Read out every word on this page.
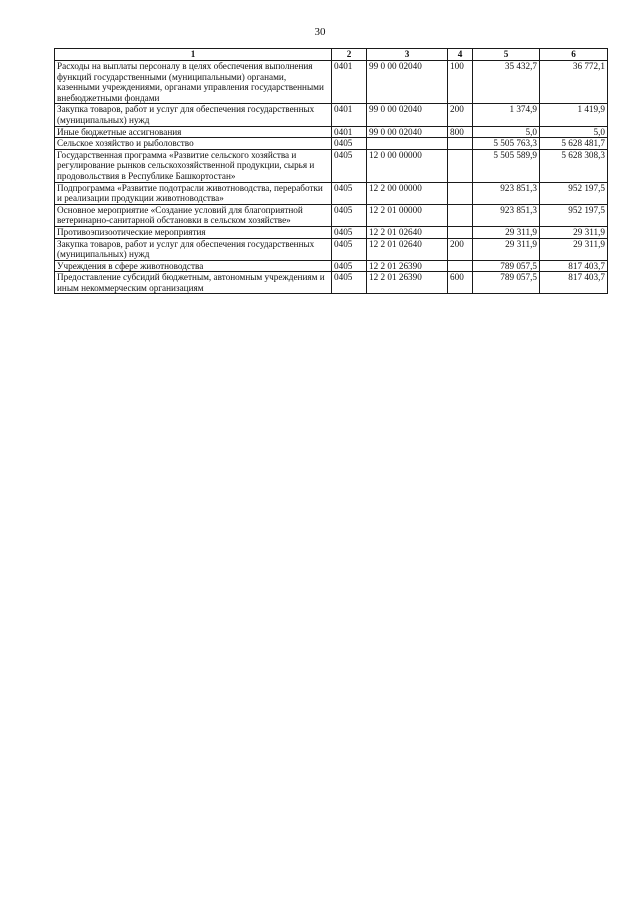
30
1	2	3	4	5	6
Расходы на выплаты персоналу в целях обеспечения выполнения функций государственными (муниципальными) органами, казенными учреждениями, органами управления государственными внебюджетными фондами	0401	99 0 00 02040	100	35 432,7	36 772,1
Закупка товаров, работ и услуг для обеспечения государственных (муниципальных) нужд	0401	99 0 00 02040	200	1 374,9	1 419,9
Иные бюджетные ассигнования	0401	99 0 00 02040	800	5,0	5,0
Сельское хозяйство и рыболовство	0405			5 505 763,3	5 628 481,7
Государственная программа «Развитие сельского хозяйства и регулирование рынков сельскохозяйственной продукции, сырья и продовольствия в Республике Башкортостан»	0405	12 0 00 00000		5 505 589,9	5 628 308,3
Подпрограмма «Развитие подотрасли животноводства, переработки и реализации продукции животноводства»	0405	12 2 00 00000		923 851,3	952 197,5
Основное мероприятие «Создание условий для благоприятной ветеринарно-санитарной обстановки в сельском хозяйстве»	0405	12 2 01 00000		923 851,3	952 197,5
Противоэпизоотические мероприятия	0405	12 2 01 02640		29 311,9	29 311,9
Закупка товаров, работ и услуг для обеспечения государственных (муниципальных) нужд	0405	12 2 01 02640	200	29 311,9	29 311,9
Учреждения в сфере животноводства	0405	12 2 01 26390		789 057,5	817 403,7
Предоставление субсидий бюджетным, автономным учреждениям и иным некоммерческим организациям	0405	12 2 01 26390	600	789 057,5	817 403,7
